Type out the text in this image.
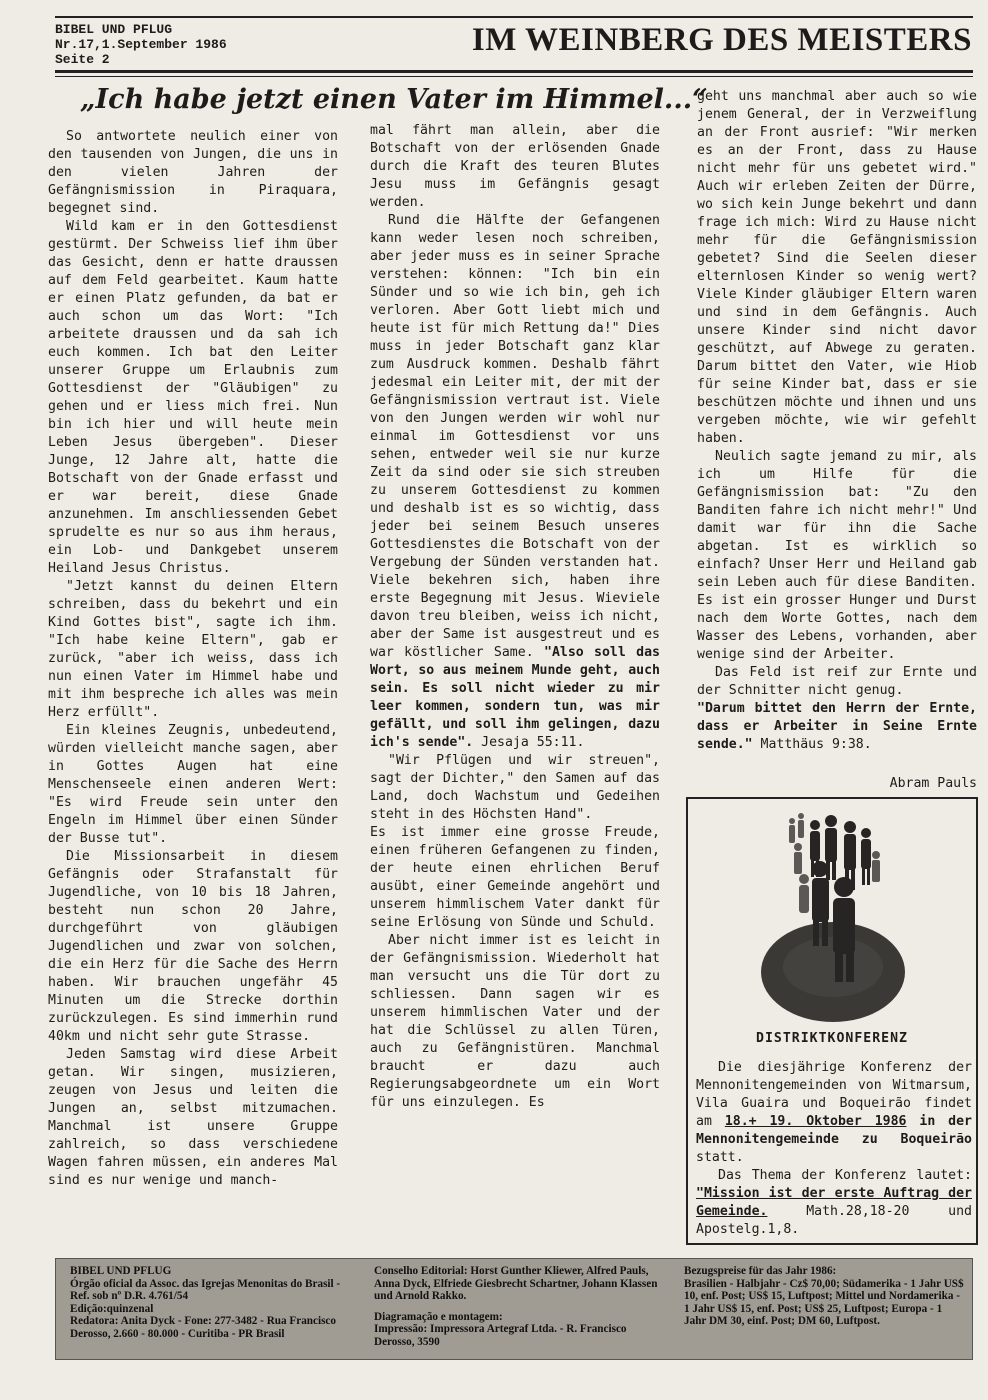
BIBEL UND PFLUG
Nr.17,1.September 1986
Seite 2
IM WEINBERG DES MEISTERS
„Ich habe jetzt einen Vater im Himmel...“

So antwortete neulich einer von den tausenden von Jungen, die uns in den vielen Jahren der Gefängnismission in Piraquara, begegnet sind.

Wild kam er in den Gottesdienst gestürmt. Der Schweiss lief ihm über das Gesicht, denn er hatte draussen auf dem Feld gearbeitet. Kaum hatte er einen Platz gefunden, da bat er auch schon um das Wort: "Ich arbeitete draussen und da sah ich euch kommen. Ich bat den Leiter unserer Gruppe um Erlaubnis zum Gottesdienst der "Gläubigen" zu gehen und er liess mich frei. Nun bin ich hier und will heute mein Leben Jesus übergeben". Dieser Junge, 12 Jahre alt, hatte die Botschaft von der Gnade erfasst und er war bereit, diese Gnade anzunehmen. Im anschliessenden Gebet sprudelte es nur so aus ihm heraus, ein Lob- und Dankgebet unserem Heiland Jesus Christus.

"Jetzt kannst du deinen Eltern schreiben, dass du bekehrt und ein Kind Gottes bist", sagte ich ihm. "Ich habe keine Eltern", gab er zurück, "aber ich weiss, dass ich nun einen Vater im Himmel habe und mit ihm bespreche ich alles was mein Herz erfüllt".

Ein kleines Zeugnis, unbedeutend, würden vielleicht manche sagen, aber in Gottes Augen hat eine Menschenseele einen anderen Wert: "Es wird Freude sein unter den Engeln im Himmel über einen Sünder der Busse tut".

Die Missionsarbeit in diesem Gefängnis oder Strafanstalt für Jugendliche, von 10 bis 18 Jahren, besteht nun schon 20 Jahre, durchgeführt von gläubigen Jugendlichen und zwar von solchen, die ein Herz für die Sache des Herrn haben. Wir brauchen ungefähr 45 Minuten um die Strecke dorthin zurückzulegen. Es sind immerhin rund 40km und nicht sehr gute Strasse.

Jeden Samstag wird diese Arbeit getan. Wir singen, musizieren, zeugen von Jesus und leiten die Jungen an, selbst mitzumachen. Manchmal ist unsere Gruppe zahlreich, so dass verschiedene Wagen fahren müssen, ein anderes Mal sind es nur wenige und manch-

mal fährt man allein, aber die Botschaft von der erlösenden Gnade durch die Kraft des teuren Blutes Jesu muss im Gefängnis gesagt werden.

Rund die Hälfte der Gefangenen kann weder lesen noch schreiben, aber jeder muss es in seiner Sprache verstehen: können: "Ich bin ein Sünder und so wie ich bin, geh ich verloren. Aber Gott liebt mich und heute ist für mich Rettung da!" Dies muss in jeder Botschaft ganz klar zum Ausdruck kommen. Deshalb fährt jedesmal ein Leiter mit, der mit der Gefängnismission vertraut ist. Viele von den Jungen werden wir wohl nur einmal im Gottesdienst vor uns sehen, entweder weil sie nur kurze Zeit da sind oder sie sich streuben zu unserem Gottesdienst zu kommen und deshalb ist es so wichtig, dass jeder bei seinem Besuch unseres Gottesdienstes die Botschaft von der Vergebung der Sünden verstanden hat. Viele bekehren sich, haben ihre erste Begegnung mit Jesus. Wieviele davon treu bleiben, weiss ich nicht, aber der Same ist ausgestreut und es war köstlicher Same. "Also soll das Wort, so aus meinem Munde geht, auch sein. Es soll nicht wieder zu mir leer kommen, sondern tun, was mir gefällt, und soll ihm gelingen, dazu ich's sende". Jesaja 55:11.

"Wir Pflügen und wir streuen", sagt der Dichter," den Samen auf das Land, doch Wachstum und Gedeihen steht in des Höchsten Hand".

Es ist immer eine grosse Freude, einen früheren Gefangenen zu finden, der heute einen ehrlichen Beruf ausübt, einer Gemeinde angehört und unserem himmlischem Vater dankt für seine Erlösung von Sünde und Schuld.

Aber nicht immer ist es leicht in der Gefängnismission. Wiederholt hat man versucht uns die Tür dort zu schliessen. Dann sagen wir es unserem himmlischen Vater und der hat die Schlüssel zu allen Türen, auch zu Gefängnistüren. Manchmal braucht er dazu auch Regierungsabgeordnete um ein Wort für uns einzulegen. Es

geht uns manchmal aber auch so wie jenem General, der in Verzweiflung an der Front ausrief: "Wir merken es an der Front, dass zu Hause nicht mehr für uns gebetet wird." Auch wir erleben Zeiten der Dürre, wo sich kein Junge bekehrt und dann frage ich mich: Wird zu Hause nicht mehr für die Gefängnismission gebetet? Sind die Seelen dieser elternlosen Kinder so wenig wert? Viele Kinder gläubiger Eltern waren und sind in dem Gefängnis. Auch unsere Kinder sind nicht davor geschützt, auf Abwege zu geraten. Darum bittet den Vater, wie Hiob für seine Kinder bat, dass er sie beschützen möchte und ihnen und uns vergeben möchte, wie wir gefehlt haben.

Neulich sagte jemand zu mir, als ich um Hilfe für die Gefängnismission bat: "Zu den Banditen fahre ich nicht mehr!" Und damit war für ihn die Sache abgetan. Ist es wirklich so einfach? Unser Herr und Heiland gab sein Leben auch für diese Banditen. Es ist ein grosser Hunger und Durst nach dem Worte Gottes, nach dem Wasser des Lebens, vorhanden, aber wenige sind der Arbeiter.

Das Feld ist reif zur Ernte und der Schnitter nicht genug.

"Darum bittet den Herrn der Ernte, dass er Arbeiter in Seine Ernte sende." Matthäus 9:38.

Abram Pauls
DISTRIKTKONFERENZ

Die diesjährige Konferenz der Mennonitengemeinden von Witmarsum, Vila Guaira und Boqueirão findet am 18.+ 19. Oktober 1986 in der Mennonitengemeinde zu Boqueirão statt.

Das Thema der Konferenz lautet: "Mission ist der erste Auftrag der Gemeinde.	Math.28,18-20 und Apostelg.1,8.

BIBEL UND PFLUG
Órgão oficial da Assoc. das Igrejas Menonitas do Brasil - Ref. sob nº D.R. 4.761/54
Edição:quinzenal
Redatora: Anita Dyck - Fone: 277-3482 - Rua Francisco Derosso, 2.660 - 80.000 - Curitiba - PR Brasil
Conselho Editorial: Horst Gunther Kliewer, Alfred Pauls, Anna Dyck, Elfriede Giesbrecht Schartner, Johann Klassen und Arnold Rakko.
Diagramação e montagem:
Impressão: Impressora Artegraf Ltda. - R. Francisco Derosso, 3590
Bezugspreise für das Jahr 1986:
Brasilien - Halbjahr - Cz$ 70,00; Südamerika - 1 Jahr US$ 10, enf. Post; US$ 15, Luftpost; Mittel und Nordamerika - 1 Jahr US$ 15, enf. Post; US$ 25, Luftpost; Europa - 1 Jahr DM 30, einf. Post; DM 60, Luftpost.
